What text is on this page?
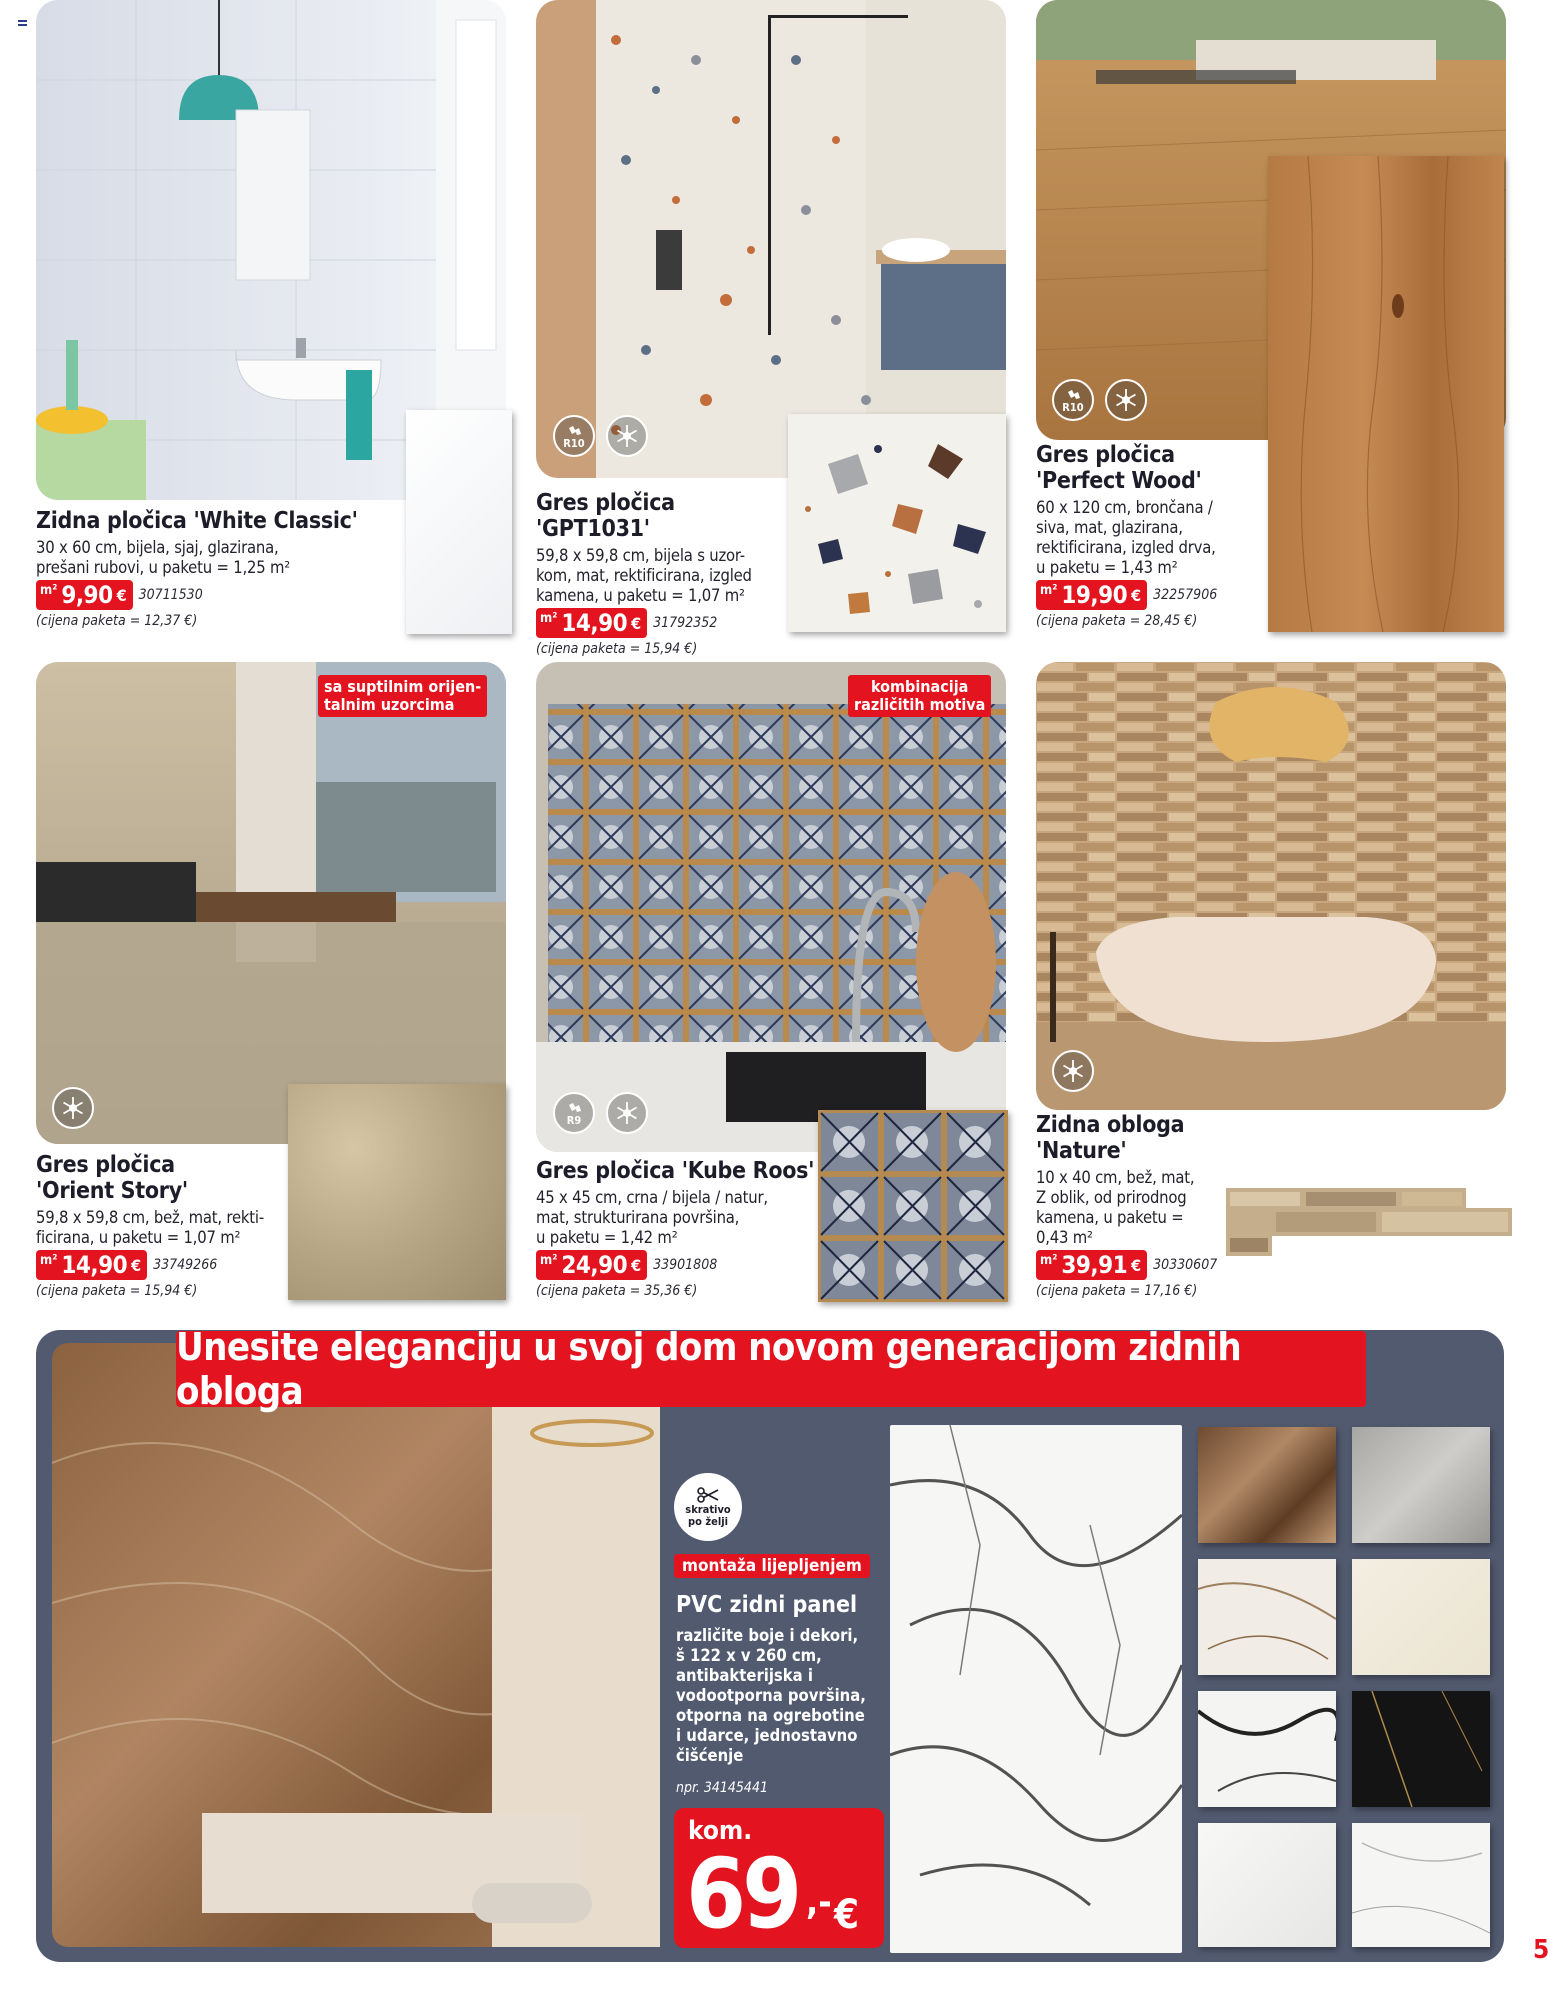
Zidna pločica 'White Classic'
30 x 60 cm, bijela, sjaj, glazirana,
prešani rubovi, u paketu = 1,25 m²
m² 9,90 € 30711530
(cijena paketa = 12,37 €)
R10
Gres pločica 'GPT1031'
59,8 x 59,8 cm, bijela s uzor-
kom, mat, rektificirana, izgled
kamena, u paketu = 1,07 m²
m² 14,90 € 31792352
(cijena paketa = 15,94 €)
R10
Gres pločica
'Perfect Wood'
60 x 120 cm, brončana /
siva, mat, glazirana,
rektificirana, izgled drva,
u paketu = 1,43 m²
m² 19,90 € 32257906
(cijena paketa = 28,45 €)
sa suptilnim orijen-
talnim uzorcima
Gres pločica
'Orient Story'
59,8 x 59,8 cm, bež, mat, rekti-
ficirana, u paketu = 1,07 m²
m² 14,90 € 33749266
(cijena paketa = 15,94 €)
kombinacija
različitih motiva
R9
Gres pločica 'Kube Roos'
45 x 45 cm, crna / bijela / natur,
mat, strukturirana površina,
u paketu = 1,42 m²
m² 24,90 € 33901808
(cijena paketa = 35,36 €)
Zidna obloga
'Nature'
10 x 40 cm, bež, mat,
Z oblik, od prirodnog
kamena, u paketu =
0,43 m²
m² 39,91 € 30330607
(cijena paketa = 17,16 €)
Unesite eleganciju u svoj dom novom generacijom zidnih obloga
skrativo
po želji
montaža lijepljenjem
PVC zidni panel
različite boje i dekori,
š 122 x v 260 cm,
antibakterijska i
vodootporna površina,
otporna na ogrebotine
i udarce, jednostavno
čišćenje
npr. 34145441
kom.
69 ,- €
5
